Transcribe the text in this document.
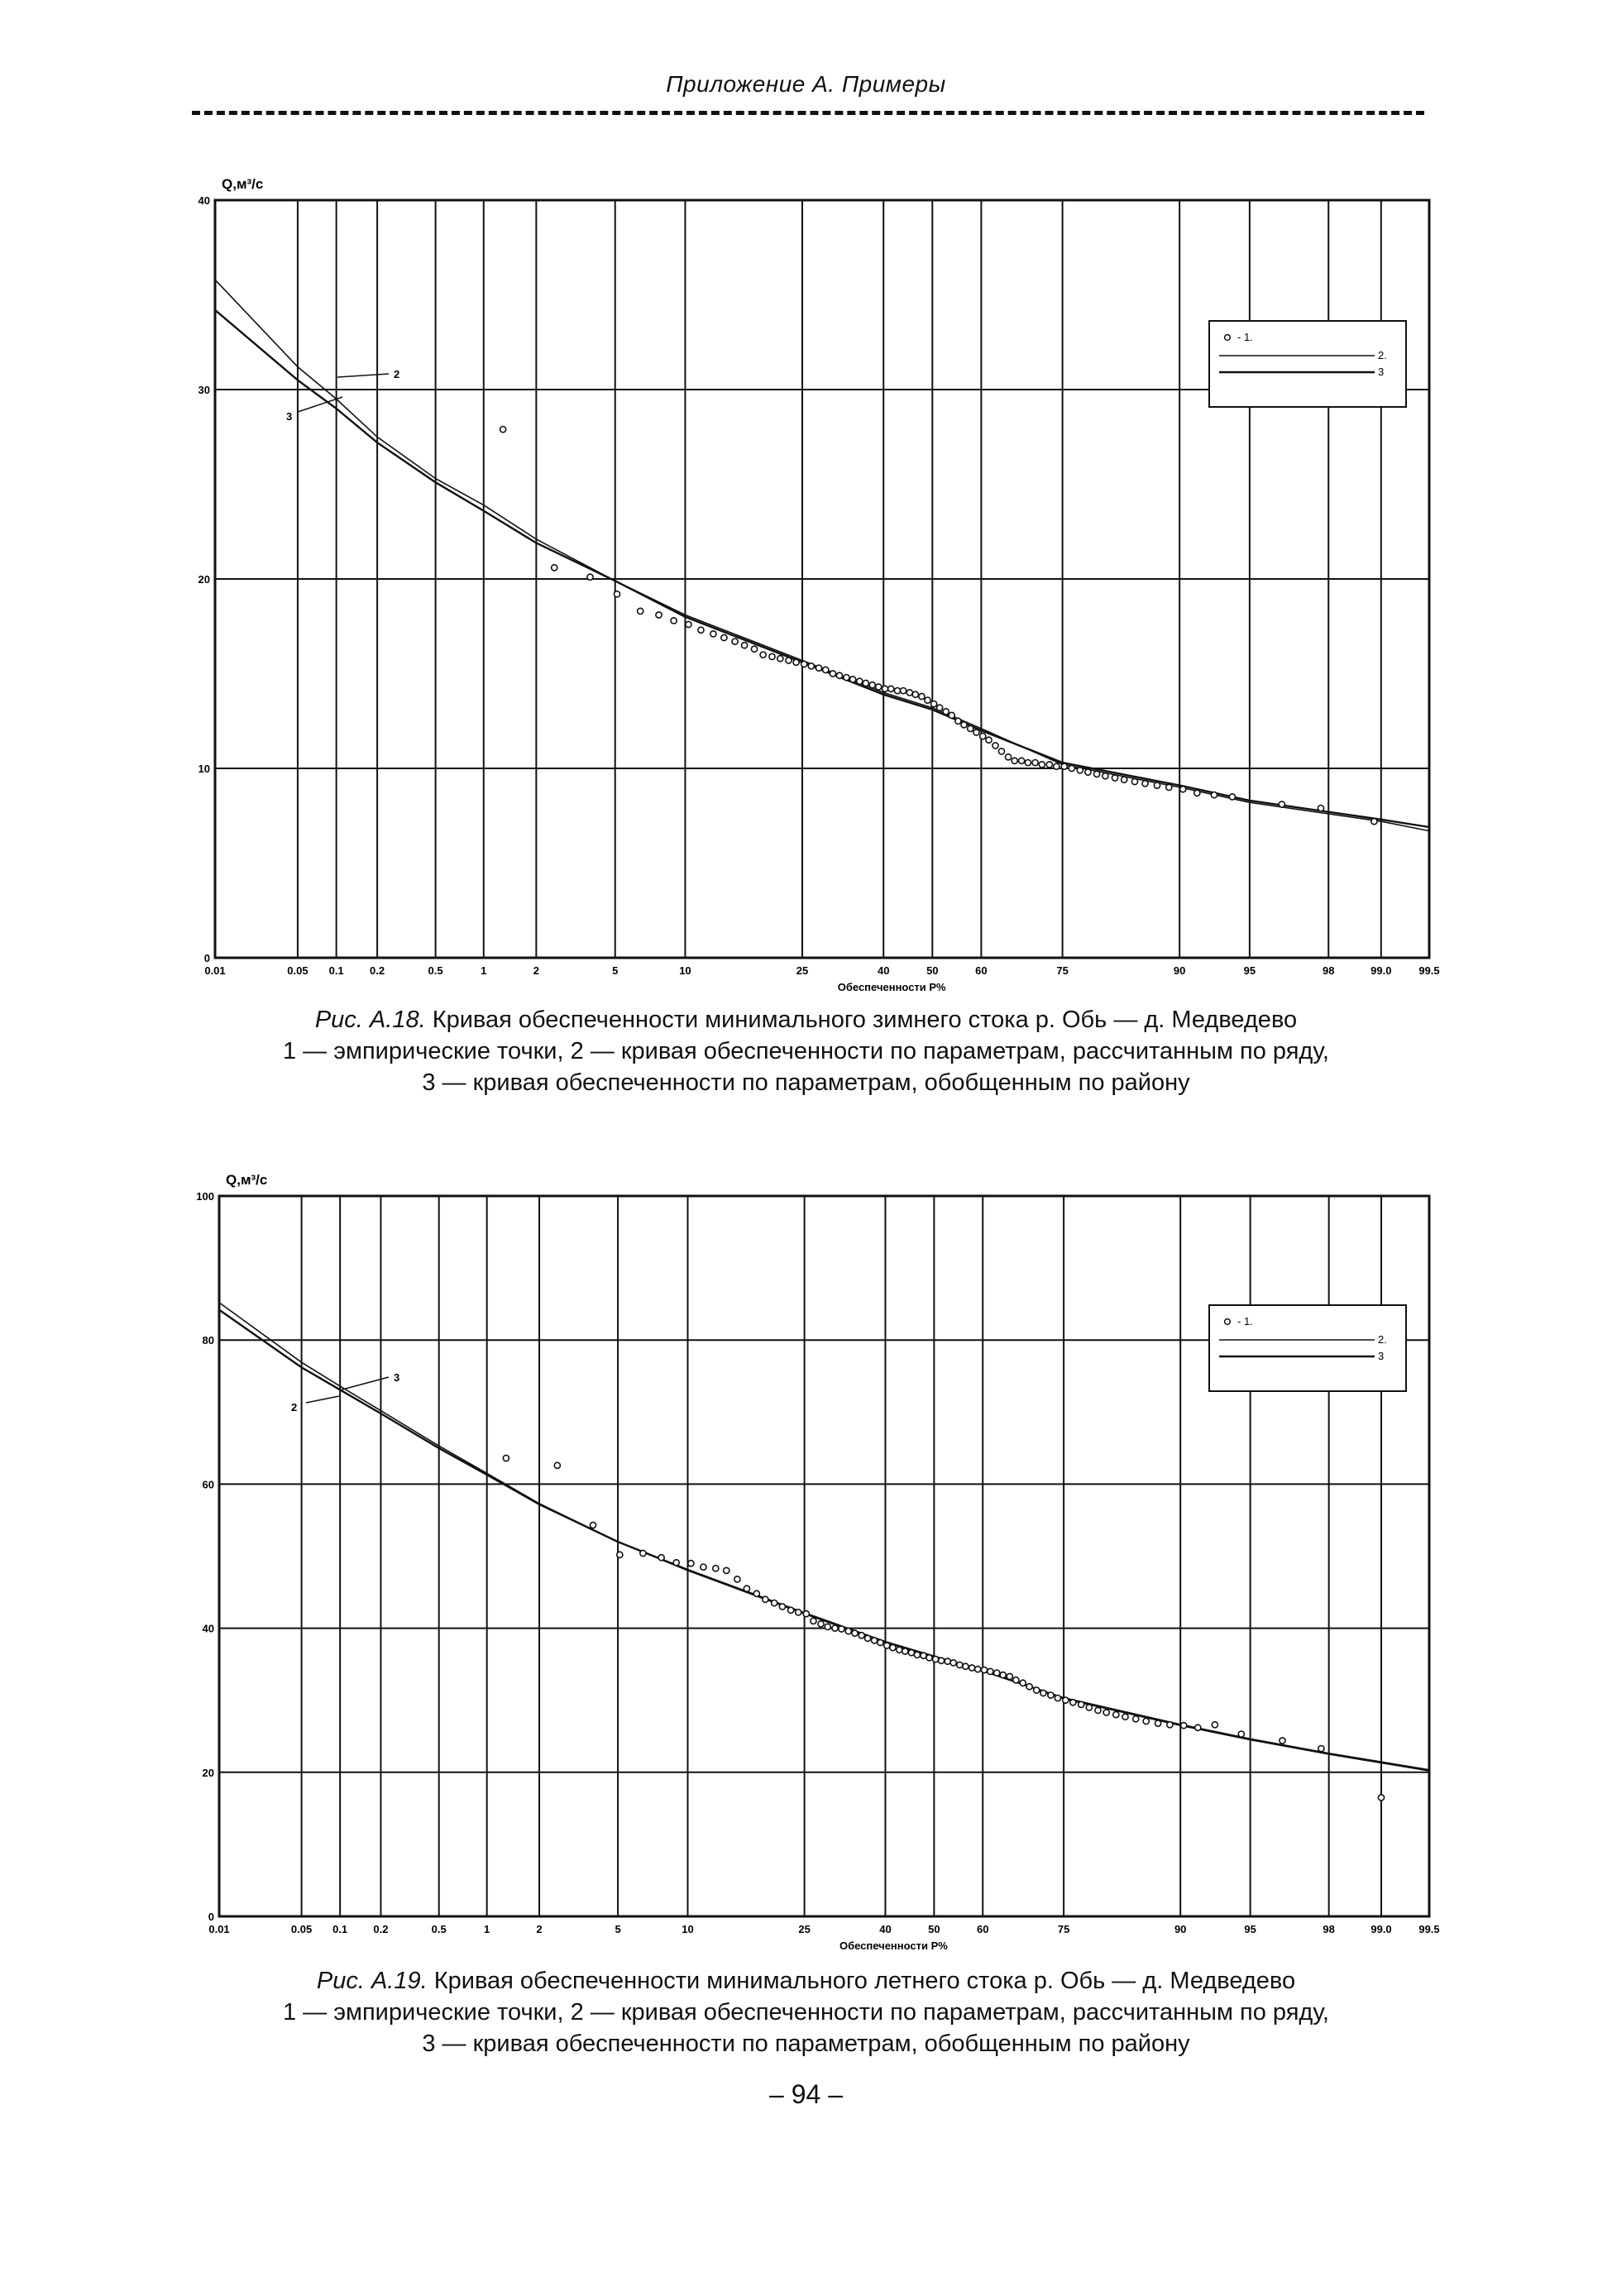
Приложение А. Примеры
0.01	0.05 0.1 0.2	0.5	1	2	5	10	25	40	50	60	75	90	95	98	99.0	99.5
0
10
20
30
40
Q,м³/с
Обеспеченности Р%
2
3
- 1.
2.
3
Рис. А.18. Кривая обеспеченности минимального зимнего стока р. Обь — д. Медведево
1 — эмпирические точки, 2 — кривая обеспеченности по параметрам, рассчитанным по ряду,
3 — кривая обеспеченности по параметрам, обобщенным по району
0.01	0.05 0.1 0.2	0.5	1	2	5	10	25	40	50	60	75	90	95	98	99.0	99.5
0
20
40
60
80
100
Q,м³/с
Обеспеченности Р%
3
2
- 1.
2.
3
Рис. А.19. Кривая обеспеченности минимального летнего стока р. Обь — д. Медведево
1 — эмпирические точки, 2 — кривая обеспеченности по параметрам, рассчитанным по ряду,
3 — кривая обеспеченности по параметрам, обобщенным по району
– 94 –
